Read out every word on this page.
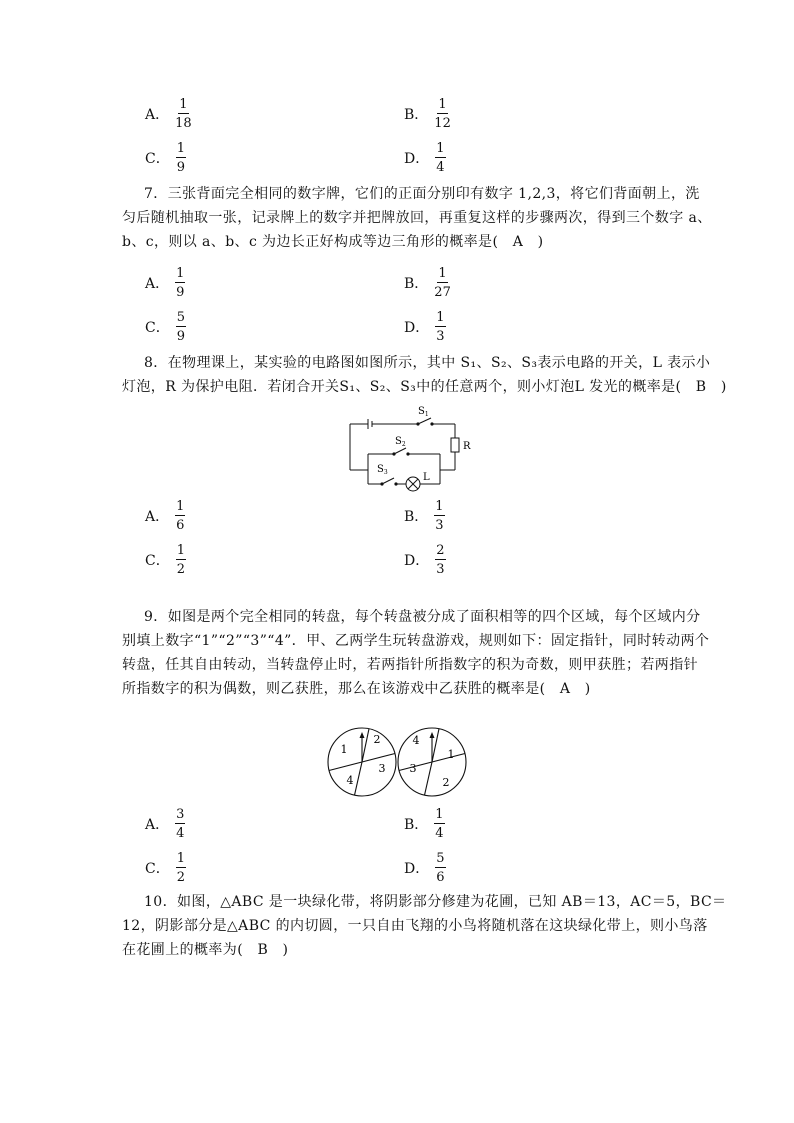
A． $\frac{1}{18}$	B． $\frac{1}{12}$
C． $\frac{1}{9}$	D． $\frac{1}{4}$
7．三张背面完全相同的数字牌，它们的正面分别印有数字 1,2,3，将它们背面朝上，洗
匀后随机抽取一张，记录牌上的数字并把牌放回，再重复这样的步骤两次，得到三个数字 a、
b、c，则以 a、b、c 为边长正好构成等边三角形的概率是(　A　)
A． $\frac{1}{9}$	B． $\frac{1}{27}$
C． $\frac{5}{9}$	D． $\frac{1}{3}$
8．在物理课上，某实验的电路图如图所示，其中 S₁、S₂、S₃表示电路的开关，L 表示小
灯泡，R 为保护电阻．若闭合开关S₁、S₂、S₃中的任意两个，则小灯泡L 发光的概率是(　B　)
$S_1$
$S_2$
$S_3$
R
L
A． $\frac{1}{6}$	B． $\frac{1}{3}$
C． $\frac{1}{2}$	D． $\frac{2}{3}$
9．如图是两个完全相同的转盘，每个转盘被分成了面积相等的四个区域，每个区域内分
别填上数字“1”“2”“3”“4”．甲、乙两学生玩转盘游戏，规则如下：固定指针，同时转动两个
转盘，任其自由转动，当转盘停止时，若两指针所指数字的积为奇数，则甲获胜；若两指针
所指数字的积为偶数，则乙获胜，那么在该游戏中乙获胜的概率是(　A　)
1
2
3
4
4
1
2
3
A． $\frac{3}{4}$	B． $\frac{1}{4}$
C． $\frac{1}{2}$	D． $\frac{5}{6}$
10．如图，△ABC 是一块绿化带，将阴影部分修建为花圃，已知 AB＝13，AC＝5，BC＝
12，阴影部分是△ABC 的内切圆，一只自由飞翔的小鸟将随机落在这块绿化带上，则小鸟落
在花圃上的概率为(　B　)
